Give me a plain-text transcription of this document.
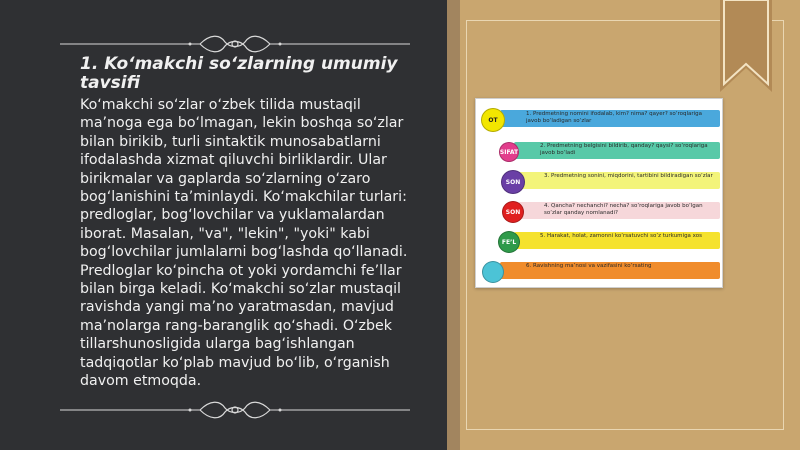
1. Ko‘makchi so‘zlarning umumiy tavsifi

Ko‘makchi so‘zlar o‘zbek tilida mustaqil ma’noga ega bo‘lmagan, lekin boshqa so‘zlar bilan birikib, turli sintaktik munosabatlarni ifodalashda xizmat qiluvchi birliklardir. Ular birikmalar va gaplarda so‘zlarning o‘zaro bog‘lanishini ta’minlaydi. Ko‘makchilar turlari: predloglar, bog‘lovchilar va yuklamalardan iborat. Masalan, "va", "lekin", "yoki" kabi bog‘lovchilar jumlalarni bog‘lashda qo‘llanadi. Predloglar ko‘pincha ot yoki yordamchi fe’llar bilan birga keladi. Ko‘makchi so‘zlar mustaqil ravishda yangi ma’no yaratmasdan, mavjud ma’nolarga rang-baranglik qo‘shadi. O‘zbek tillarshunosligida ularga bag‘ishlangan tadqiqotlar ko‘plab mavjud bo‘lib, o‘rganish davom etmoqda.

1. Predmetning nomini ifodalab, kim? nima? qayer? so‘roqlariga javob bo‘ladigan so‘zlar
OT
2. Predmetning belgisini bildirib, qanday? qaysi? so‘roqlariga javob bo‘ladi
SIFAT
3. Predmetning sonini, miqdorini, tartibini bildiradigan so‘zlar
SON
4. Qancha? nechanchi? necha? so‘roqlariga javob bo‘lgan so‘zlar qanday nomlanadi?
SON
5. Harakat, holat, zamonni ko‘rsatuvchi so‘z turkumiga xos
FE’L
6. Ravishning ma’nosi va vazifasini ko‘rsating
